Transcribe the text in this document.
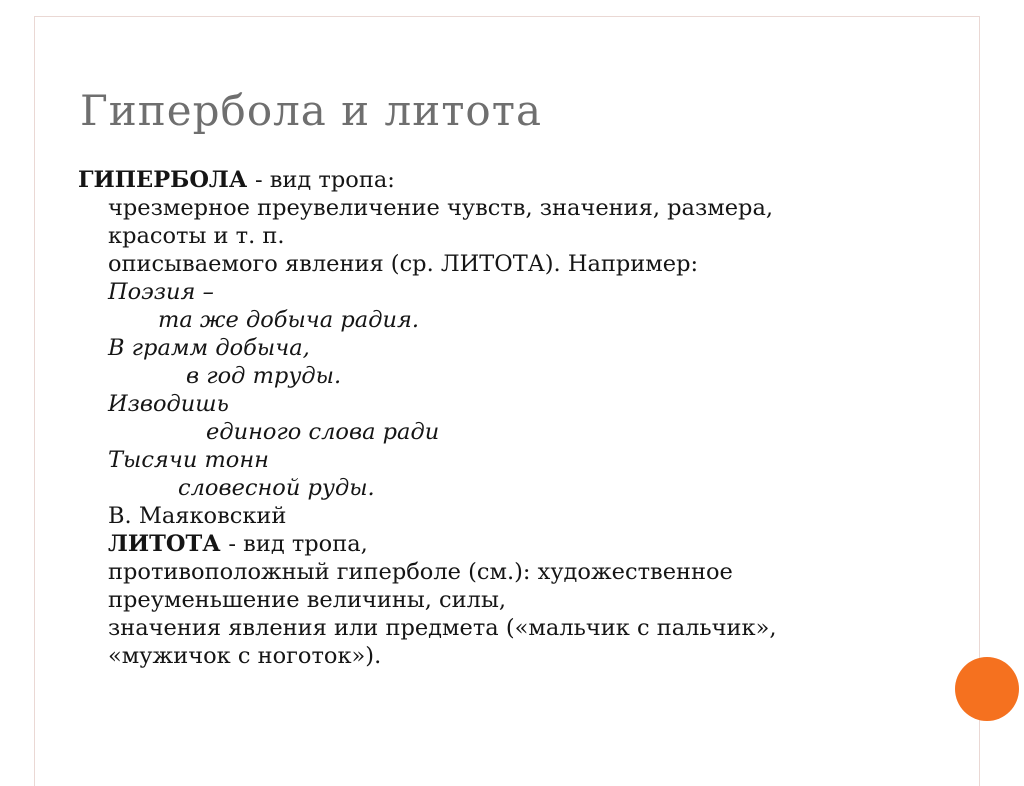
Гипербола и литота
ГИПЕРБОЛА - вид тропа:
чрезмерное преувеличение чувств, значения, размера,
красоты и т. п.
описываемого явления (ср. ЛИТОТА). Например:
Поэзия –
та же добыча радия.
В грамм добыча,
в год труды.
Изводишь
единого слова ради
Тысячи тонн
словесной руды.
В. Маяковский
ЛИТОТА - вид тропа,
противоположный гиперболе (см.): художественное
преуменьшение величины, силы,
значения явления или предмета («мальчик с пальчик»,
«мужичок с ноготок»).
